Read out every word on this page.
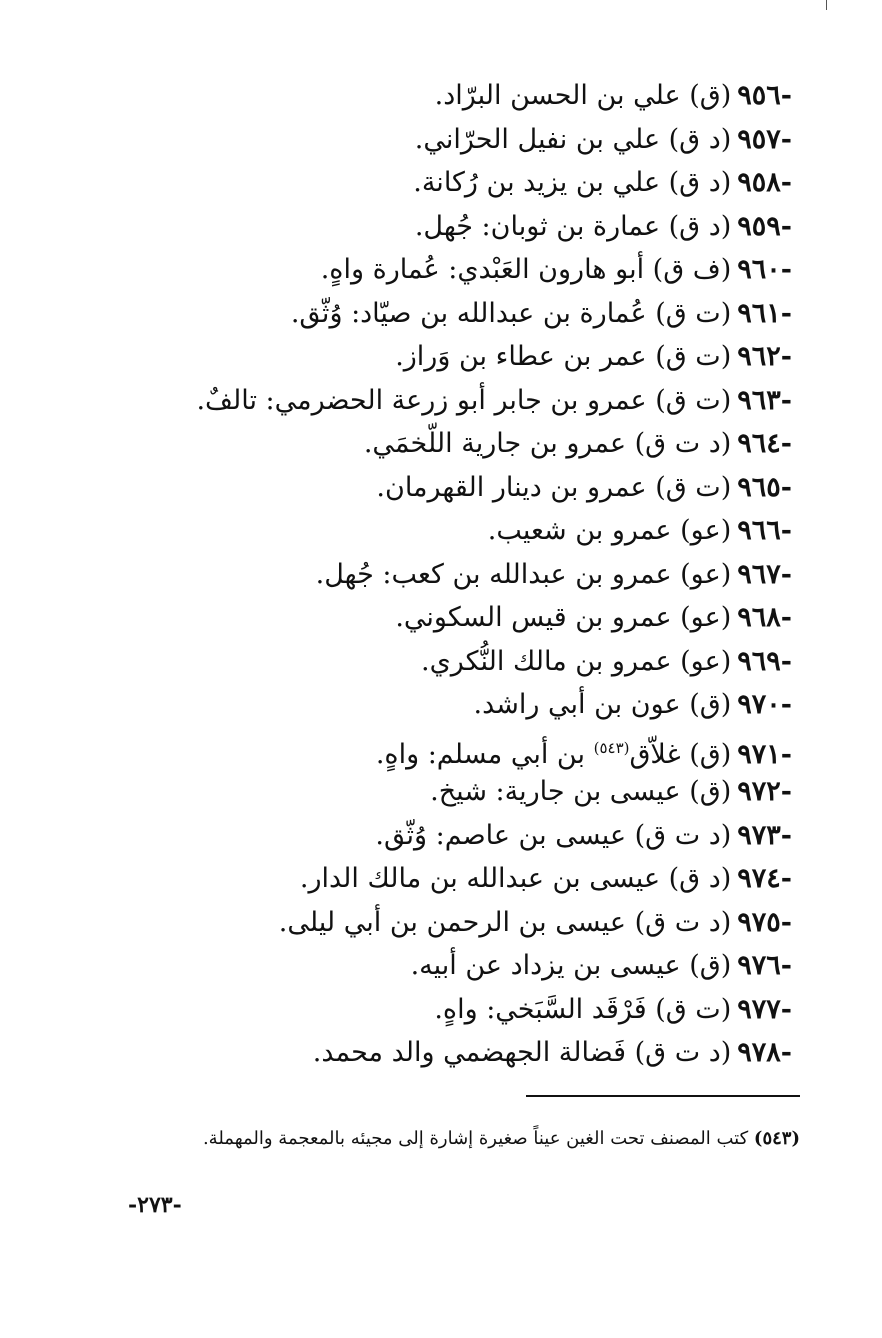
-٩٥٦(ق) علي بن الحسن البرّاد.
-٩٥٧(د ق) علي بن نفيل الحرّاني.
-٩٥٨(د ق) علي بن يزيد بن رُكانة.
-٩٥٩(د ق) عمارة بن ثوبان: جُهل.
-٩٦٠(ف ق) أبو هارون العَبْدي: عُمارة واهٍ.
-٩٦١(ت ق) عُمارة بن عبدالله بن صيّاد: وُثّق.
-٩٦٢(ت ق) عمر بن عطاء بن وَراز.
-٩٦٣(ت ق) عمرو بن جابر أبو زرعة الحضرمي: تالفٌ.
-٩٦٤(د ت ق) عمرو بن جارية اللّخمَي.
-٩٦٥(ت ق) عمرو بن دينار القهرمان.
-٩٦٦(عو) عمرو بن شعيب.
-٩٦٧(عو) عمرو بن عبدالله بن كعب: جُهل.
-٩٦٨(عو) عمرو بن قيس السكوني.
-٩٦٩(عو) عمرو بن مالك النُّكري.
-٩٧٠(ق) عون بن أبي راشد.
-٩٧١(ق) غلاّق$^{(٥٤٣)}$ بن أبي مسلم: واهٍ.
-٩٧٢(ق) عيسى بن جارية: شيخ.
-٩٧٣(د ت ق) عيسى بن عاصم: وُثّق.
-٩٧٤(د ق) عيسى بن عبدالله بن مالك الدار.
-٩٧٥(د ت ق) عيسى بن الرحمن بن أبي ليلى.
-٩٧٦(ق) عيسى بن يزداد عن أبيه.
-٩٧٧(ت ق) فَرْقَد السَّبَخي: واهٍ.
-٩٧٨(د ت ق) فَضالة الجهضمي والد محمد.
(٥٤٣) كتب المصنف تحت الغين عيناً صغيرة إشارة إلى مجيئه بالمعجمة والمهملة.
-٢٧٣-
